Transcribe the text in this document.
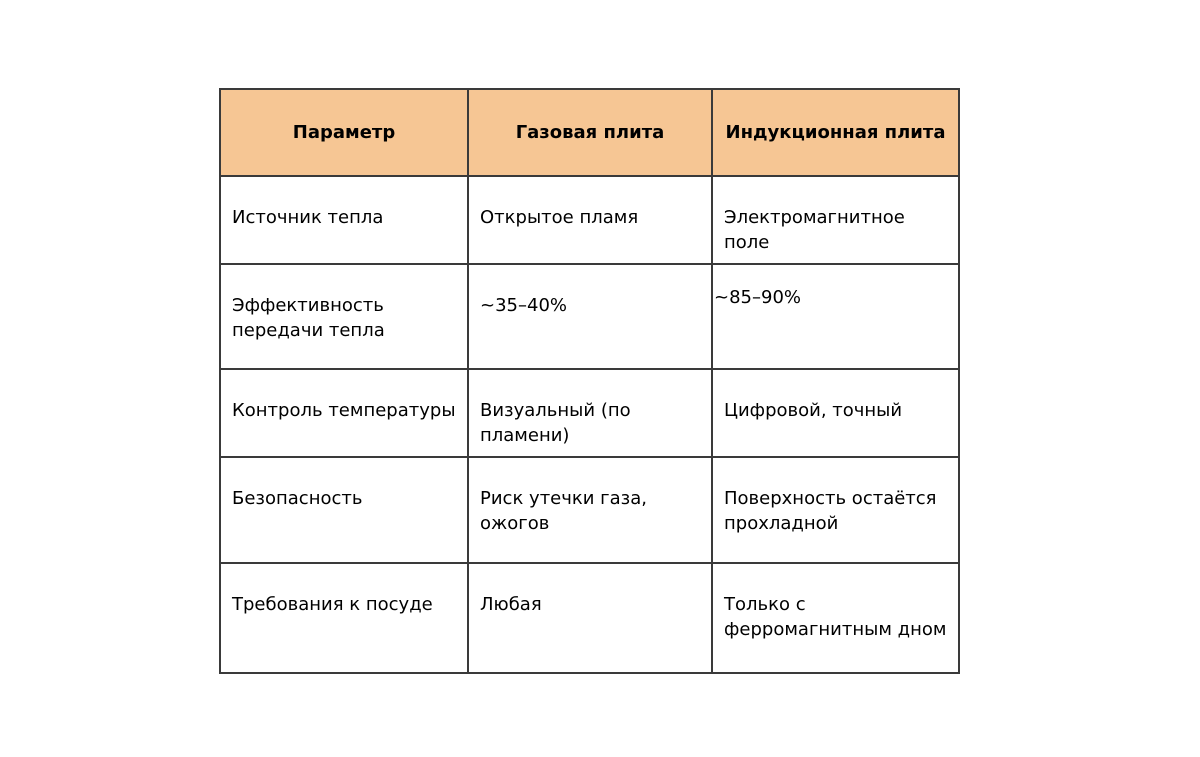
Параметр	Газовая плита	Индукционная плита
Источник тепла	Открытое пламя	Электромагнитное поле
Эффективность передачи тепла	~35–40%	~85–90%
Контроль температуры	Визуальный (по пламени)	Цифровой, точный
Безопасность	Риск утечки газа, ожогов	Поверхность остаётся прохладной
Требования к посуде	Любая	Только с ферромагнитным дном
